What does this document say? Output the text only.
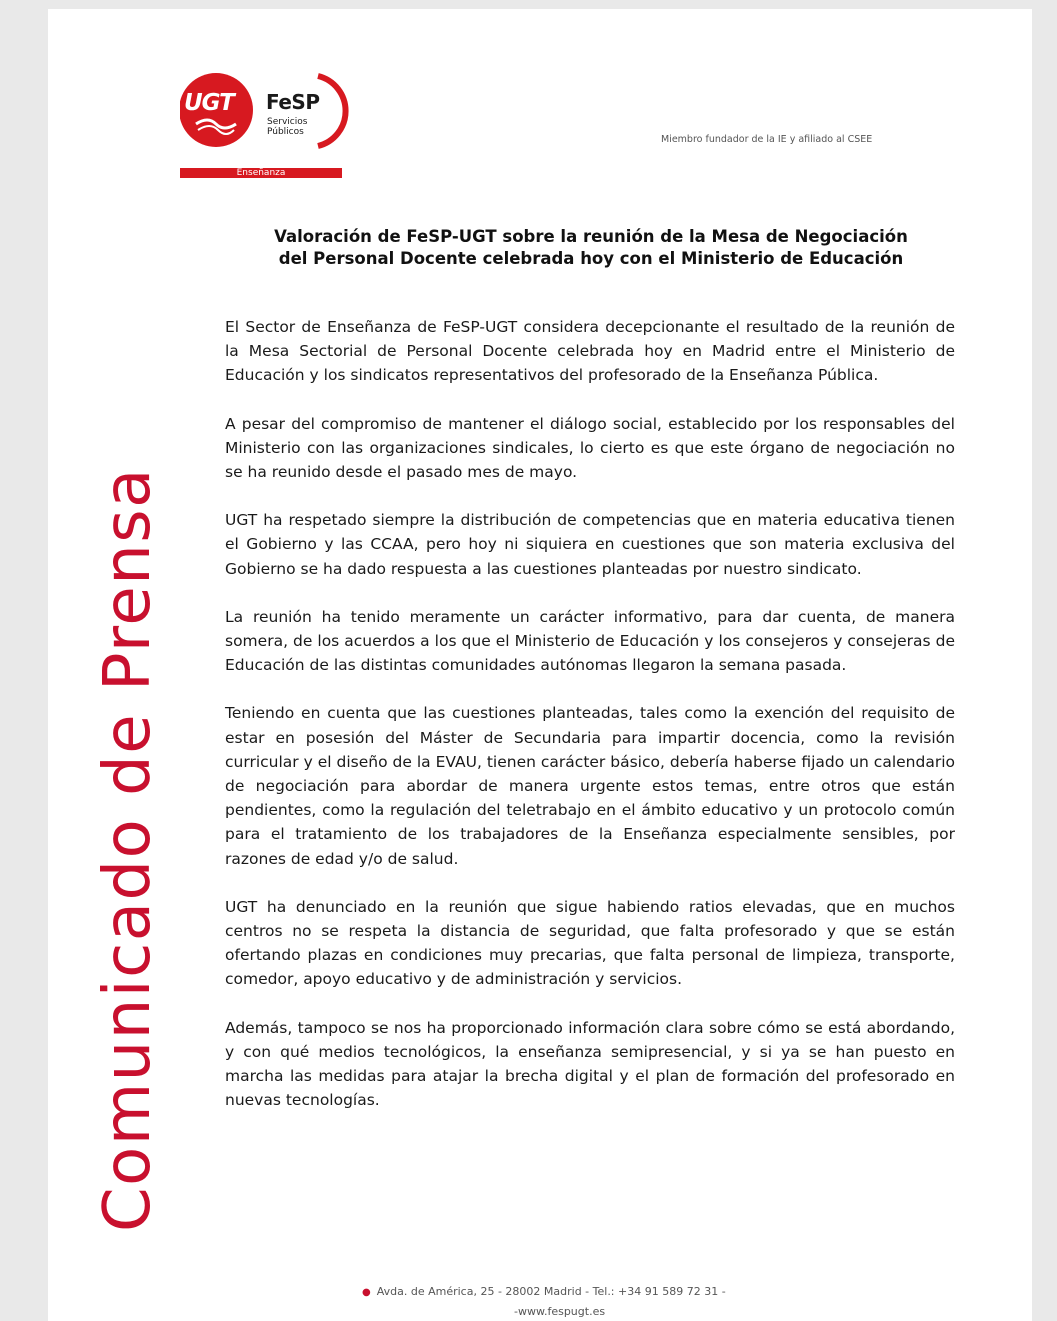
UGT FeSP
Servicios
Públicos
Enseñanza
Miembro fundador de la IE y afiliado al CSEE
Comunicado de Prensa
Valoración de FeSP-UGT sobre la reunión de la Mesa de Negociación
del Personal Docente celebrada hoy con el Ministerio de Educación

El Sector de Enseñanza de FeSP-UGT considera decepcionante el resultado de la reunión de la Mesa Sectorial de Personal Docente celebrada hoy en Madrid entre el Ministerio de Educación y los sindicatos representativos del profesorado de la Enseñanza Pública.

A pesar del compromiso de mantener el diálogo social, establecido por los responsables del Ministerio con las organizaciones sindicales, lo cierto es que este órgano de negociación no se ha reunido desde el pasado mes de mayo.

UGT ha respetado siempre la distribución de competencias que en materia educativa tienen el Gobierno y las CCAA, pero hoy ni siquiera en cuestiones que son materia exclusiva del Gobierno se ha dado respuesta a las cuestiones planteadas por nuestro sindicato.

La reunión ha tenido meramente un carácter informativo, para dar cuenta, de manera somera, de los acuerdos a los que el Ministerio de Educación y los consejeros y consejeras de Educación de las distintas comunidades autónomas llegaron la semana pasada.

Teniendo en cuenta que las cuestiones planteadas, tales como la exención del requisito de estar en posesión del Máster de Secundaria para impartir docencia, como la revisión curricular y el diseño de la EVAU, tienen carácter básico, debería haberse fijado un calendario de negociación para abordar de manera urgente estos temas, entre otros que están pendientes, como la regulación del teletrabajo en el ámbito educativo y un protocolo común para el tratamiento de los trabajadores de la Enseñanza especialmente sensibles, por razones de edad y/o de salud.

UGT ha denunciado en la reunión que sigue habiendo ratios elevadas, que en muchos centros no se respeta la distancia de seguridad, que falta profesorado y que se están ofertando plazas en condiciones muy precarias, que falta personal de limpieza, transporte, comedor, apoyo educativo y de administración y servicios.

Además, tampoco se nos ha proporcionado información clara sobre cómo se está abordando, y con qué medios tecnológicos, la enseñanza semipresencial, y si ya se han puesto en marcha las medidas para atajar la brecha digital y el plan de formación del profesorado en nuevas tecnologías.

● Avda. de América, 25 - 28002 Madrid - Tel.: +34 91 589 72 31 -
-www.fespugt.es
